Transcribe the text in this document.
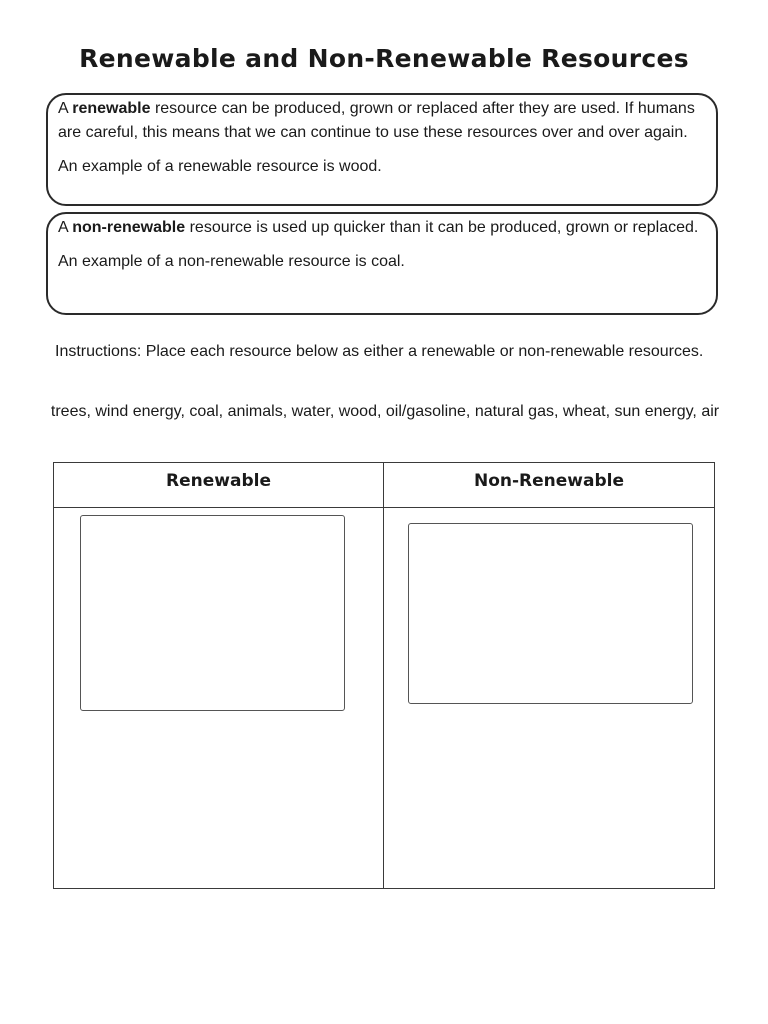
Renewable and Non-Renewable Resources

A renewable resource can be produced, grown or replaced after they are used. If humans are careful, this means that we can continue to use these resources over and over again.

An example of a renewable resource is wood.

A non-renewable resource is used up quicker than it can be produced, grown or replaced.

An example of a non-renewable resource is coal.

Instructions: Place each resource below as either a renewable or non-renewable resources.

trees, wind energy, coal, animals, water, wood, oil/gasoline, natural gas, wheat, sun energy, air

Renewable	Non-Renewable
